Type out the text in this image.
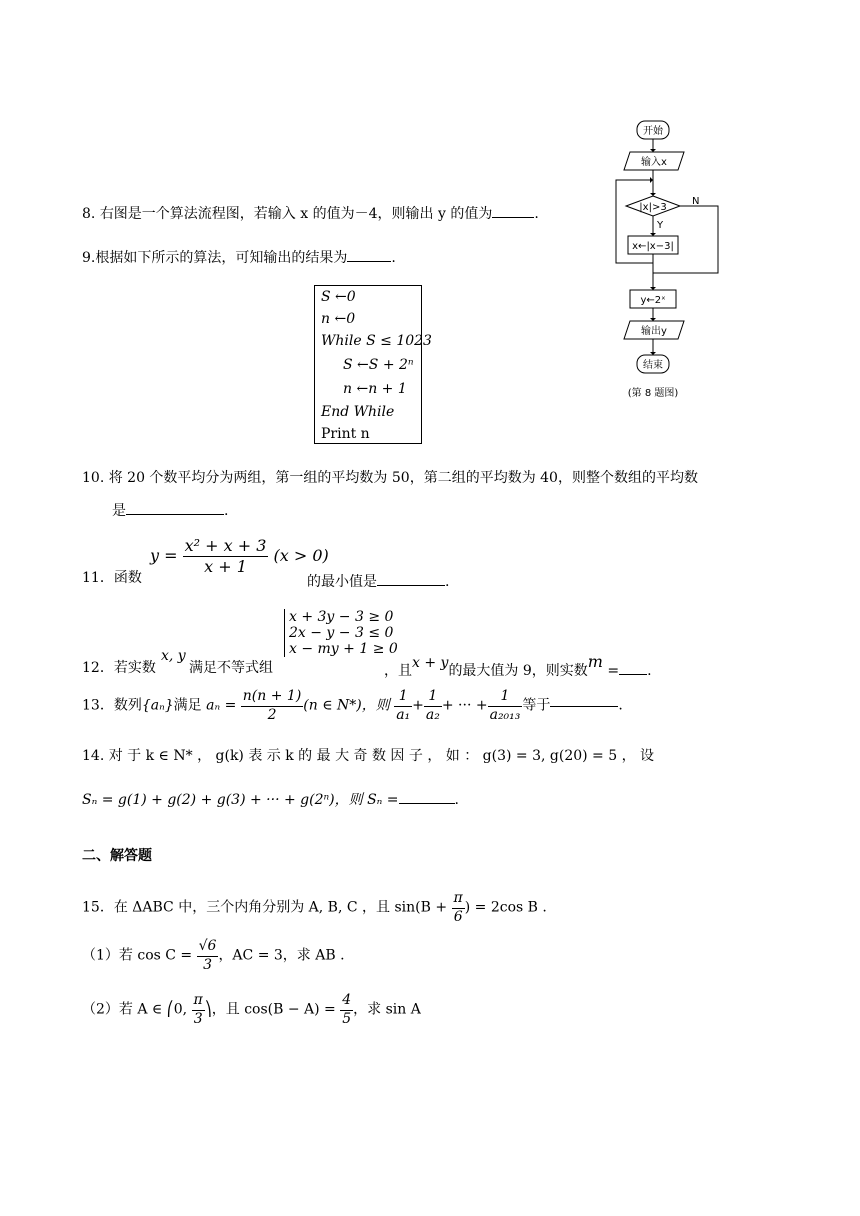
8. 右图是一个算法流程图，若输入 x 的值为－4，则输出 y 的值为	.
9.根据如下所示的算法，可知输出的结果为	.
S ←0
n ←0
While S ≤ 1023
S ←S + 2ⁿ
n ←n + 1
End While
Print n
开始
输入x
|x|>3
Y
N
x←|x−3|
y←2ˣ
输出y
结束
(第 8 题图)
10. 将 20 个数平均分为两组，第一组的平均数为 50，第二组的平均数为 40，则整个数组的平均数
是	.
11．函数
$y = \frac{\text{x² + x + 3}}{x + 1} (x > 0)$
的最小值是	.
12．若实数
x, y
满足不等式组
x + 3y − 3 ≥ 0
2x − y − 3 ≤ 0
x − my + 1 ≥ 0
，且x + y的最大值为 9，则实数m = .
13．数列{aₙ}满足 $a_n = \frac{n(n + 1)}{2} (n$ ∈ N*)，则 $\frac{1}{\text{a₁}} + \frac{1}{\text{a₂}}$ + ··· + $\frac{1}{\text{a₂₀₁₃}}$ 等于	.
14. 对 于 k ∈ N* ， g(k) 表 示 k 的 最 大 奇 数 因 子 ， 如 ： g(3) = 3, g(20) = 5 ， 设
Sₙ = g(1) + g(2) + g(3) + ··· + g(2ⁿ)，则 Sₙ =	.
二、解答题
15．在 ΔABC 中，三个内角分别为 A, B, C ，且 $\sin(B + \frac{\pi}{6}$ ) = 2cos B .
（1）若 $\cos C = \frac{√6}{3}$ ，AC = 3，求 AB .
（2）若 A ∈ ⎛0, $\frac{\pi}{3}$ ⎞，且 $\cos(B - A) = \frac{4}{5}$ ，求 sin A
